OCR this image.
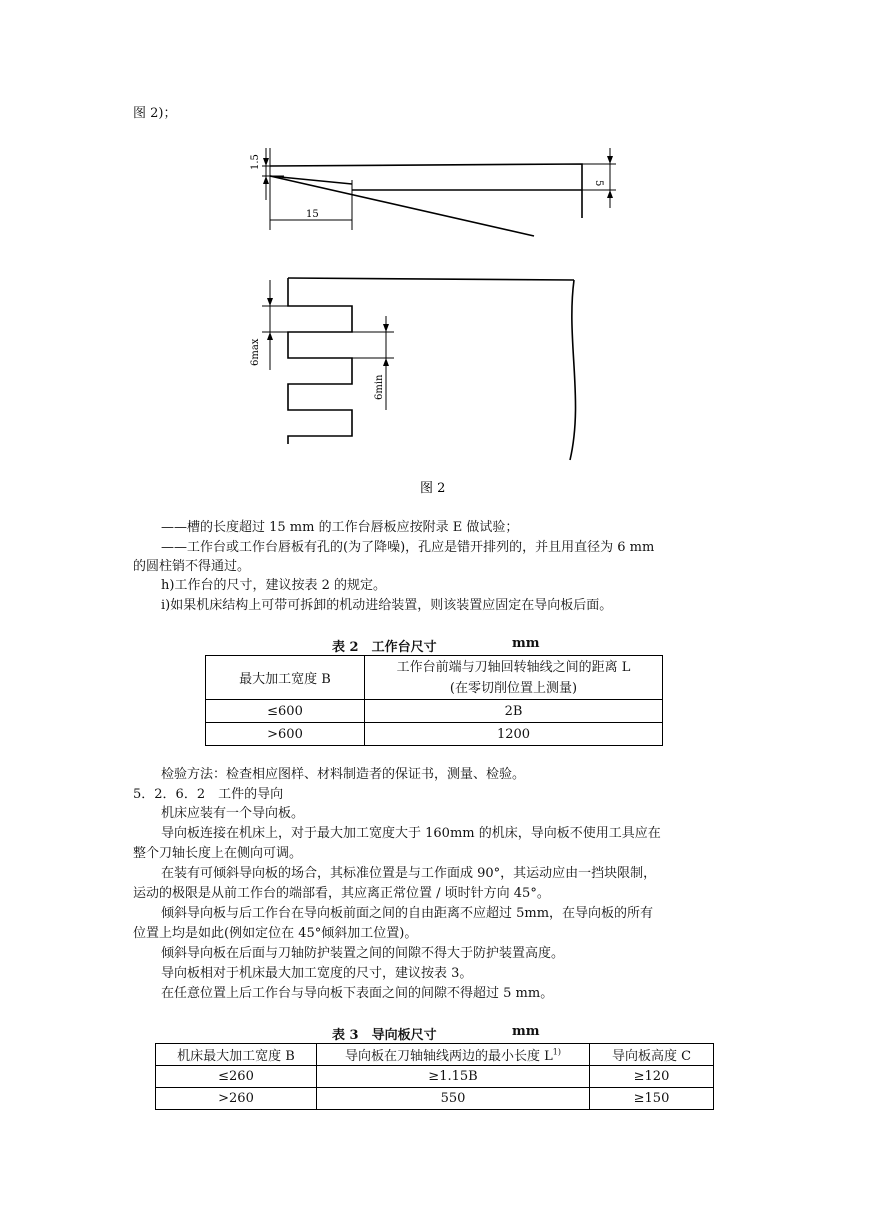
图 2)；
1.5
15
5
6max
6min
图 2
——槽的长度超过 15 mm 的工作台唇板应按附录 E 做试验；
——工作台或工作台唇板有孔的(为了降噪)，孔应是错开排列的，并且用直径为 6 mm
的圆柱销不得通过。
h)工作台的尺寸，建议按表 2 的规定。
i)如果机床结构上可带可拆卸的机动进给装置，则该装置应固定在导向板后面。
表 2　工作台尺寸	mm
最大加工宽度 B	工作台前端与刀轴回转轴线之间的距离 L
(在零切削位置上测量)

≤600	2B
>600	1200
检验方法：检查相应图样、材料制造者的保证书，测量、检验。
5．2．6．2　工件的导向
机床应装有一个导向板。
导向板连接在机床上，对于最大加工宽度大于 160mm 的机床，导向板不使用工具应在
整个刀轴长度上在侧向可调。
在装有可倾斜导向板的场合，其标准位置是与工作面成 90°，其运动应由一挡块限制，
运动的极限是从前工作台的端部看，其应离正常位置 / 顷时针方向 45°。
倾斜导向板与后工作台在导向板前面之间的自由距离不应超过 5mm，在导向板的所有
位置上均是如此(例如定位在 45°倾斜加工位置)。
倾斜导向板在后面与刀轴防护装置之间的间隙不得大于防护装置高度。
导向板相对于机床最大加工宽度的尺寸，建议按表 3。
在任意位置上后工作台与导向板下表面之间的间隙不得超过 5 mm。
表 3　导向板尺寸	mm
机床最大加工宽度 B	导向板在刀轴轴线两边的最小长度 $L^{1)}$	导向板高度 C
≤260	≥1.15B	≥120
>260	550	≥150
